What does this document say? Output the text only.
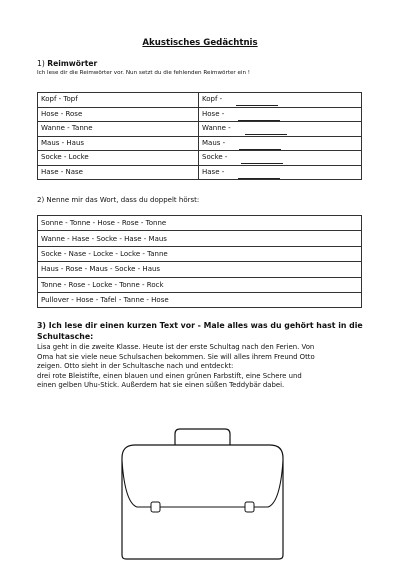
Akustisches Gedächtnis
1) Reimwörter
Ich lese dir die Reimwörter vor. Nun setzt du die fehlenden Reimwörter ein !
Kopf - Topf	Kopf -
Hose - Rose	Hose -
Wanne - Tanne	Wanne -
Maus - Haus	Maus -
Socke - Locke	Socke -
Hase - Nase	Hase -
2) Nenne mir das Wort, dass du doppelt hörst:
Sonne - Tonne - Hose - Rose - Tonne
Wanne - Hase - Socke - Hase - Maus
Socke - Nase - Locke - Locke - Tanne
Haus - Rose - Maus - Socke - Haus
Tonne - Rose - Locke - Tonne - Rock
Pullover - Hose - Tafel - Tanne - Hose
3) Ich lese dir einen kurzen Text vor - Male alles was du gehört hast in die
Schultasche:
Lisa geht in die zweite Klasse. Heute ist der erste Schultag nach den Ferien. Von
Oma hat sie viele neue Schulsachen bekommen. Sie will alles ihrem Freund Otto
zeigen. Otto sieht in der Schultasche nach und entdeckt:
drei rote Bleistifte, einen blauen und einen grünen Farbstift, eine Schere und
einen gelben Uhu-Stick. Außerdem hat sie einen süßen Teddybär dabei.
